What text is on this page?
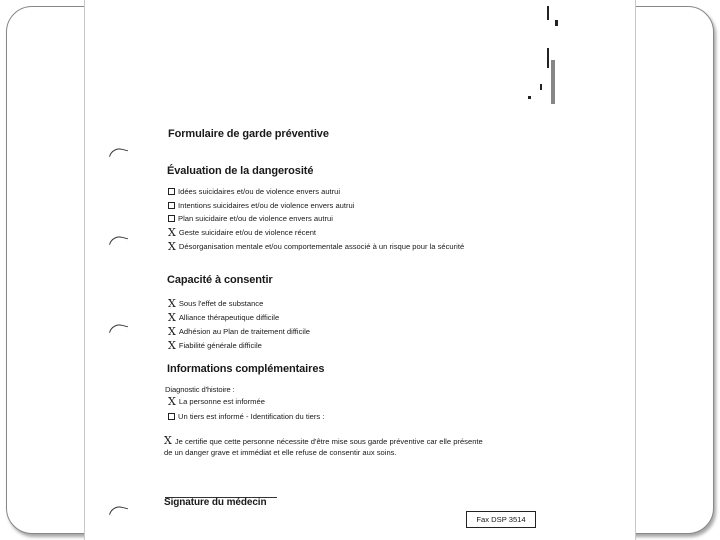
Formulaire de garde préventive
Évaluation de la dangerosité
Idées suicidaires et/ou de violence envers autrui
Intentions suicidaires et/ou de violence envers autrui
Plan suicidaire et/ou de violence envers autrui
X Geste suicidaire et/ou de violence récent
X Désorganisation mentale et/ou comportementale associé à un risque pour la sécurité
Capacité à consentir
X Sous l'effet de substance
X Alliance thérapeutique difficile
X Adhésion au Plan de traitement difficile
X Fiabilité générale difficile
Informations complémentaires
Diagnostic d'histoire :
X La personne est informée
Un tiers est informé - Identification du tiers :
X Je certifie que cette personne nécessite d'être mise sous garde préventive car elle présente
de un danger grave et immédiat et elle refuse de consentir aux soins.
Signature du médecin
Fax DSP 3514
